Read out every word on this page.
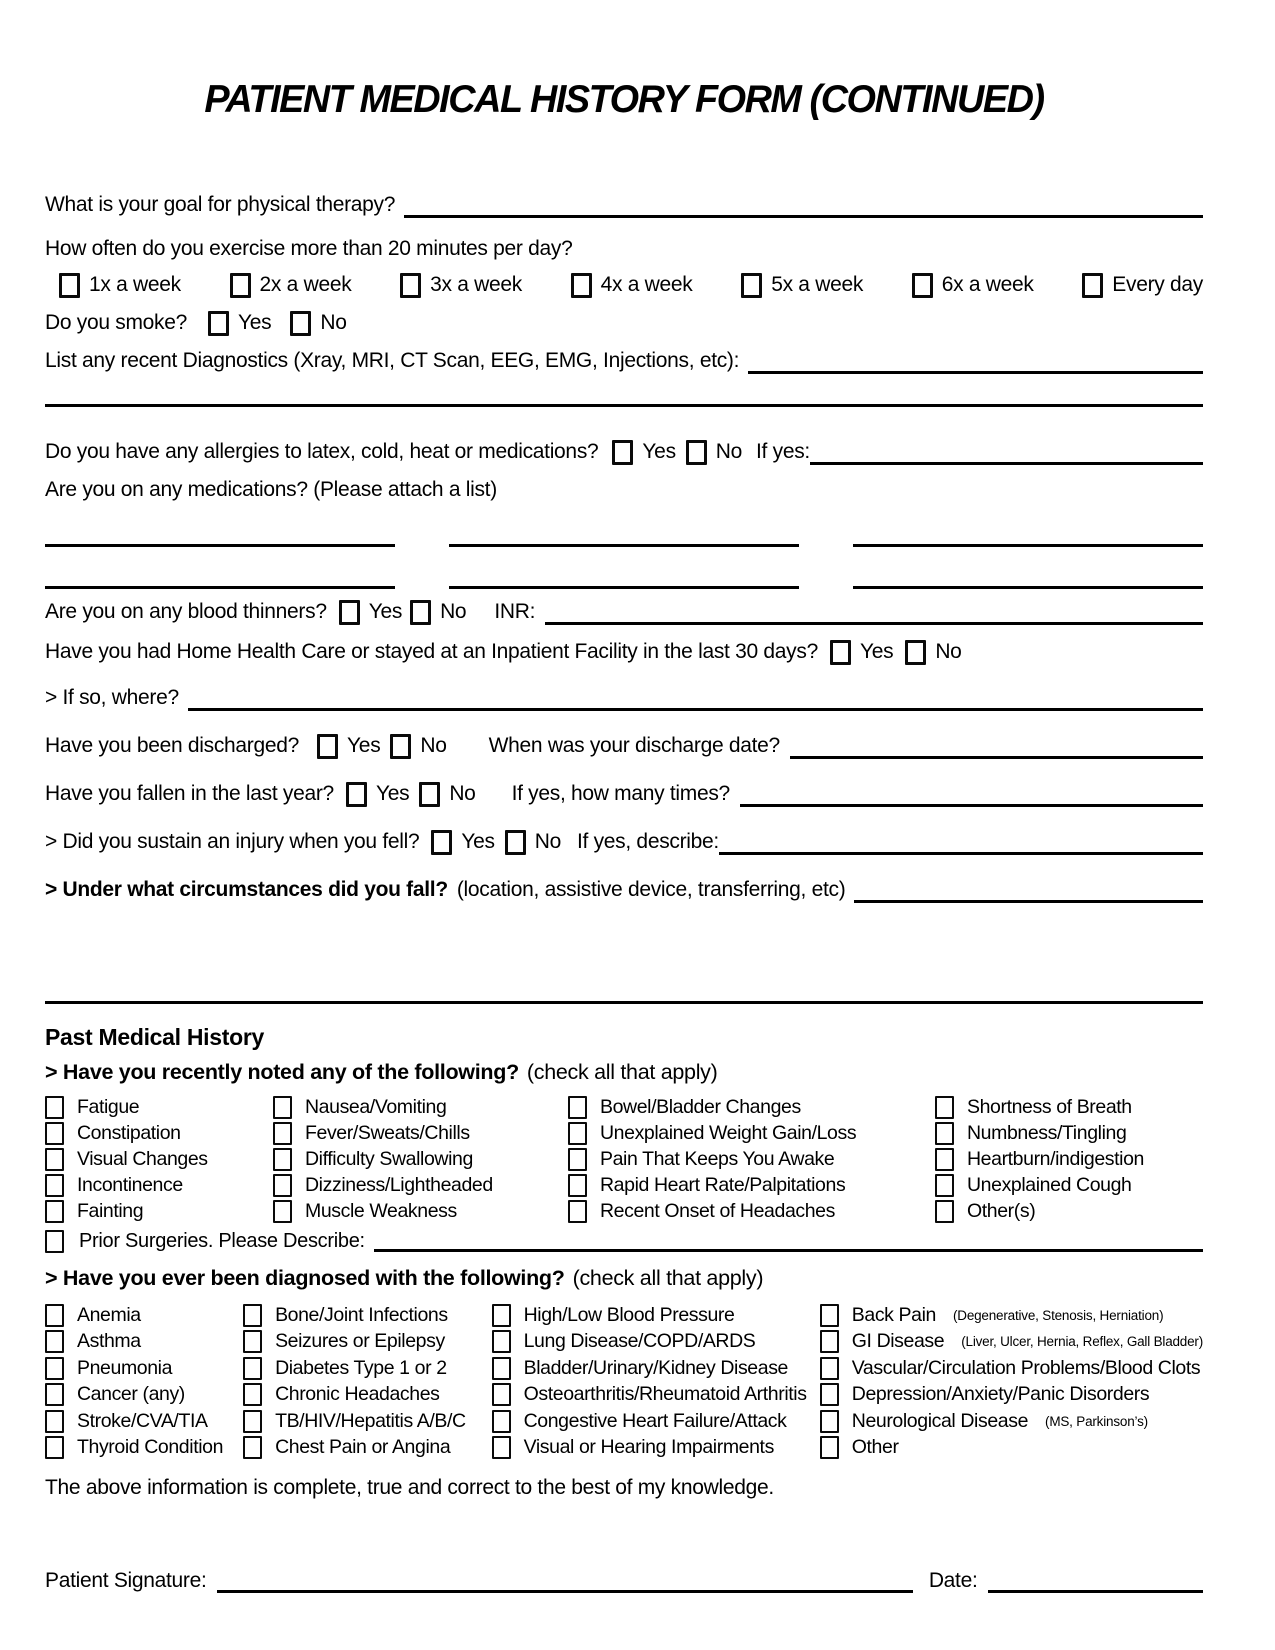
PATIENT MEDICAL HISTORY FORM (CONTINUED)
What is your goal for physical therapy?
How often do you exercise more than 20 minutes per day?
1x a week	2x a week	3x a week	4x a week	5x a week	6x a week	Every day
Do you smoke? Yes No
List any recent Diagnostics (Xray, MRI, CT Scan, EEG, EMG, Injections, etc):
Do you have any allergies to latex, cold, heat or medications? Yes No If yes:
Are you on any medications? (Please attach a list)
Are you on any blood thinners? Yes No INR:
Have you had Home Health Care or stayed at an Inpatient Facility in the last 30 days? Yes No
> If so, where?
Have you been discharged? Yes No When was your discharge date?
Have you fallen in the last year? Yes No If yes, how many times?
> Did you sustain an injury when you fell? Yes No If yes, describe:
> Under what circumstances did you fall? (location, assistive device, transferring, etc)
Past Medical History
> Have you recently noted any of the following? (check all that apply)
Fatigue
Constipation
Visual Changes
Incontinence
Fainting
Nausea/Vomiting
Fever/Sweats/Chills
Difficulty Swallowing
Dizziness/Lightheaded
Muscle Weakness
Bowel/Bladder Changes
Unexplained Weight Gain/Loss
Pain That Keeps You Awake
Rapid Heart Rate/Palpitations
Recent Onset of Headaches
Shortness of Breath
Numbness/Tingling
Heartburn/indigestion
Unexplained Cough
Other(s)
Prior Surgeries. Please Describe:
> Have you ever been diagnosed with the following? (check all that apply)
Anemia
Asthma
Pneumonia
Cancer (any)
Stroke/CVA/TIA
Thyroid Condition
Bone/Joint Infections
Seizures or Epilepsy
Diabetes Type 1 or 2
Chronic Headaches
TB/HIV/Hepatitis A/B/C
Chest Pain or Angina
High/Low Blood Pressure
Lung Disease/COPD/ARDS
Bladder/Urinary/Kidney Disease
Osteoarthritis/Rheumatoid Arthritis
Congestive Heart Failure/Attack
Visual or Hearing Impairments
Back Pain (Degenerative, Stenosis, Herniation)
GI Disease (Liver, Ulcer, Hernia, Reflex, Gall Bladder)
Vascular/Circulation Problems/Blood Clots
Depression/Anxiety/Panic Disorders
Neurological Disease (MS, Parkinson’s)
Other
The above information is complete, true and correct to the best of my knowledge.
Patient Signature:	Date:
